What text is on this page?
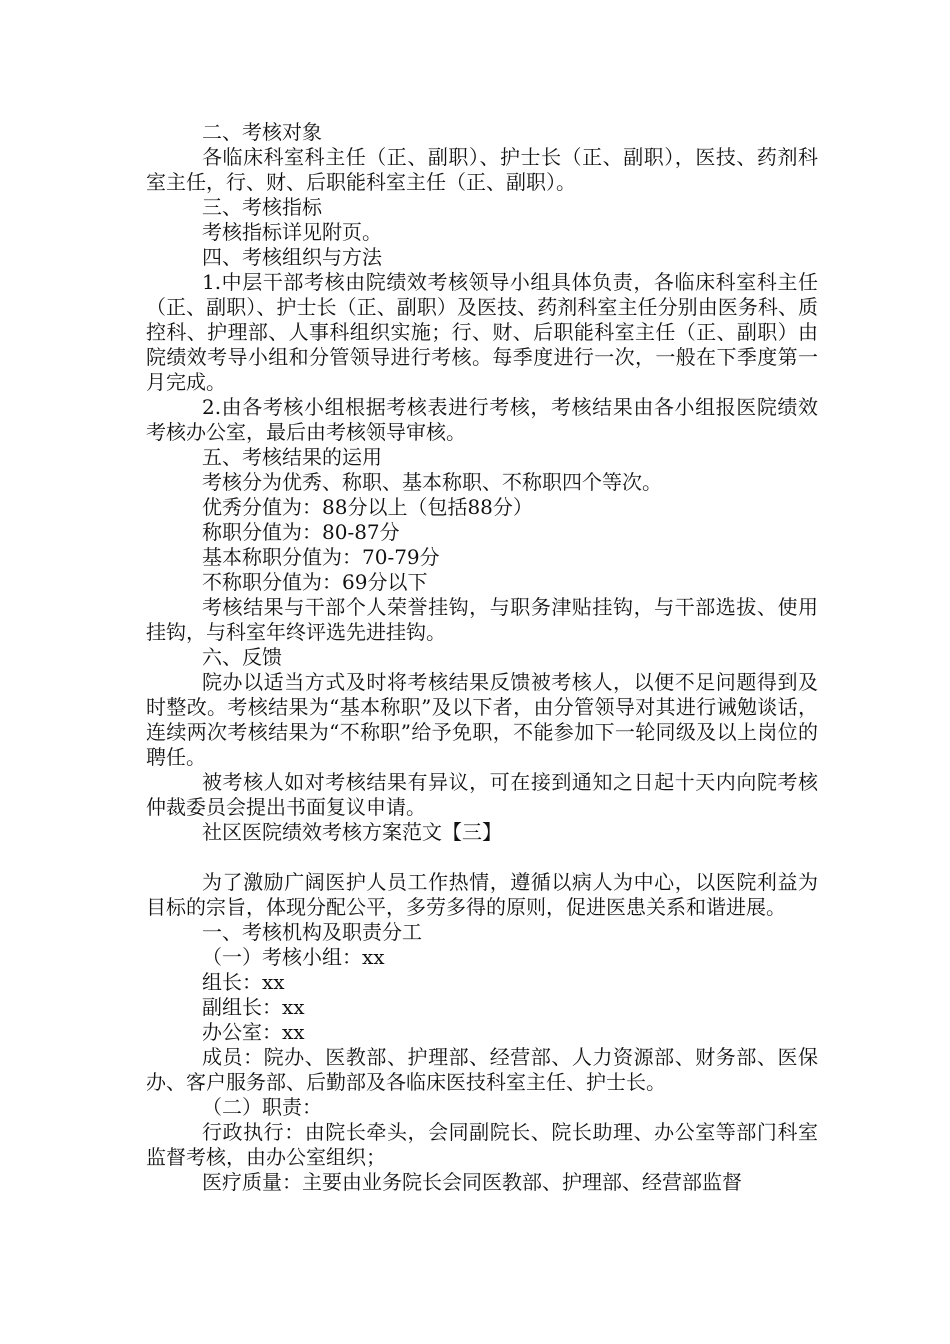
二、考核对象

各临床科室科主任（正、副职）、护士长（正、副职），医技、药剂科室主任，行、财、后职能科室主任（正、副职）。

三、考核指标

考核指标详见附页。

四、考核组织与方法

1.中层干部考核由院绩效考核领导小组具体负责，各临床科室科主任（正、副职）、护士长（正、副职）及医技、药剂科室主任分别由医务科、质控科、护理部、人事科组织实施；行、财、后职能科室主任（正、副职）由院绩效考导小组和分管领导进行考核。每季度进行一次，一般在下季度第一月完成。

2.由各考核小组根据考核表进行考核，考核结果由各小组报医院绩效考核办公室，最后由考核领导审核。

五、考核结果的运用

考核分为优秀、称职、基本称职、不称职四个等次。

优秀分值为：88分以上（包括88分）

称职分值为：80-87分

基本称职分值为：70-79分

不称职分值为：69分以下

考核结果与干部个人荣誉挂钩，与职务津贴挂钩，与干部选拔、使用挂钩，与科室年终评选先进挂钩。

六、反馈

院办以适当方式及时将考核结果反馈被考核人，以便不足问题得到及时整改。考核结果为“基本称职”及以下者，由分管领导对其进行诫勉谈话，连续两次考核结果为“不称职”给予免职，不能参加下一轮同级及以上岗位的聘任。

被考核人如对考核结果有异议，可在接到通知之日起十天内向院考核仲裁委员会提出书面复议申请。

社区医院绩效考核方案范文【三】

为了激励广阔医护人员工作热情，遵循以病人为中心，以医院利益为目标的宗旨，体现分配公平，多劳多得的原则，促进医患关系和谐进展。

一、考核机构及职责分工

（一）考核小组：xx

组长：xx

副组长：xx

办公室：xx

成员：院办、医教部、护理部、经营部、人力资源部、财务部、医保办、客户服务部、后勤部及各临床医技科室主任、护士长。

（二）职责：

行政执行：由院长牵头，会同副院长、院长助理、办公室等部门科室监督考核，由办公室组织；

医疗质量：主要由业务院长会同医教部、护理部、经营部监督
